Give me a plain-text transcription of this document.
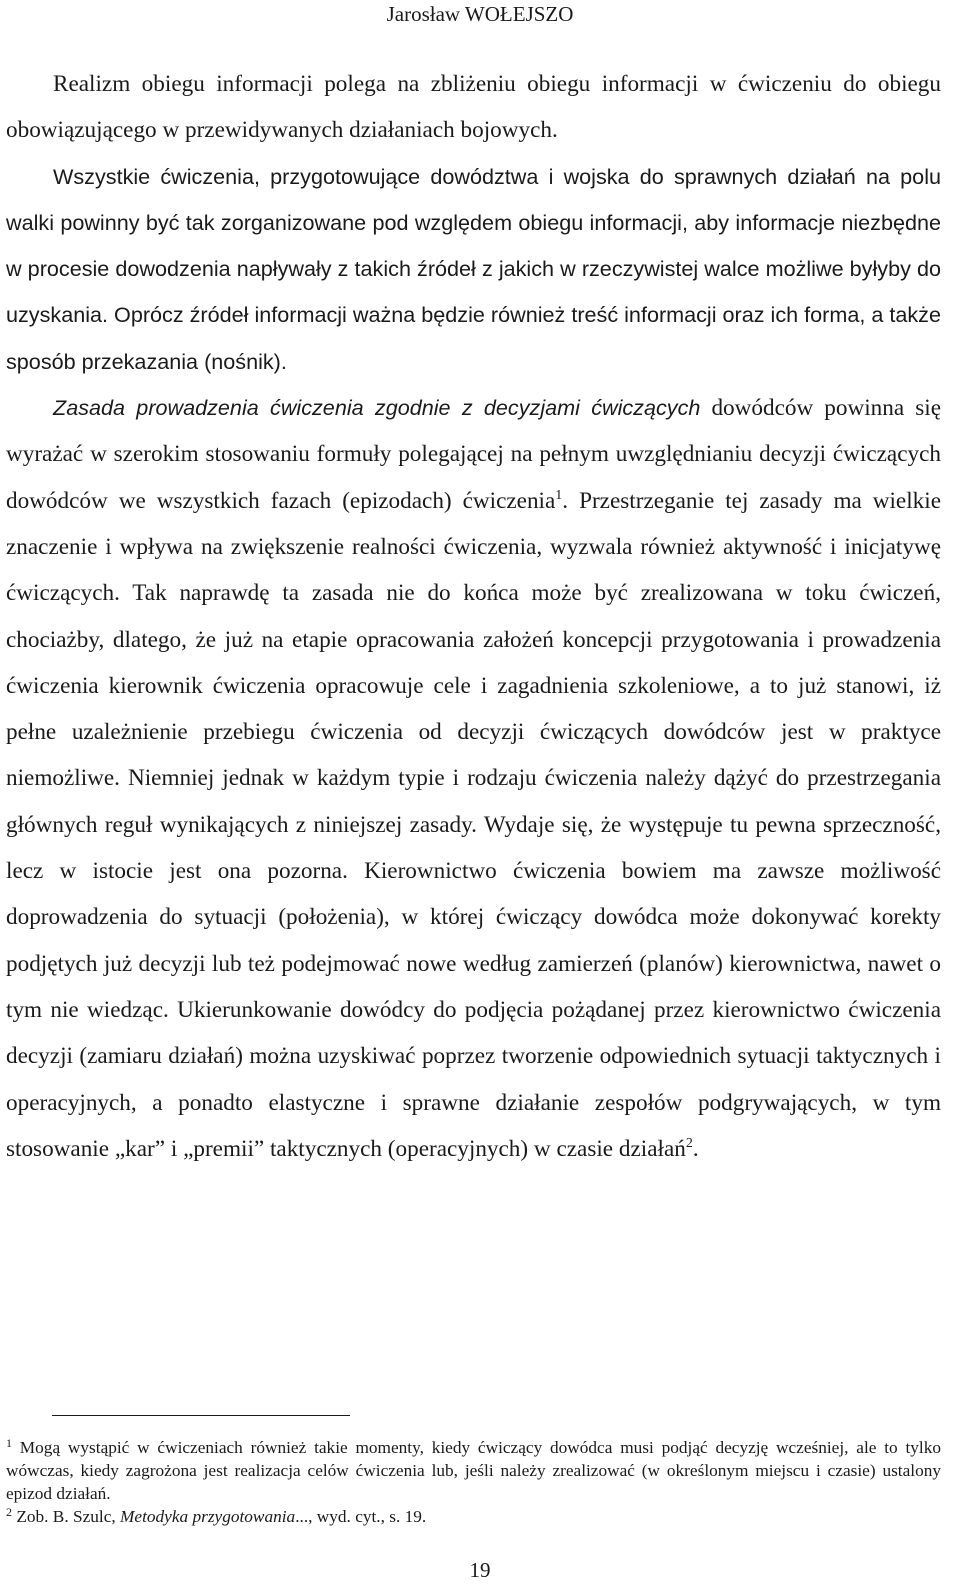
Jarosław WOŁEJSZO

Realizm obiegu informacji polega na zbliżeniu obiegu informacji w ćwiczeniu do obiegu obowiązującego w przewidywanych działaniach bojowych.

Wszystkie ćwiczenia, przygotowujące dowództwa i wojska do sprawnych działań na polu walki powinny być tak zorganizowane pod względem obiegu informacji, aby informacje niezbędne w procesie dowodzenia napływały z takich źródeł z jakich w rzeczywistej walce możliwe byłyby do uzyskania. Oprócz źródeł informacji ważna będzie również treść informacji oraz ich forma, a także sposób przekazania (nośnik).

Zasada prowadzenia ćwiczenia zgodnie z decyzjami ćwiczących dowódców powinna się wyrażać w szerokim stosowaniu formuły polegającej na pełnym uwzględnianiu decyzji ćwiczących dowódców we wszystkich fazach (epizodach) ćwiczenia$^1$. Przestrzeganie tej zasady ma wielkie znaczenie i wpływa na zwiększenie realności ćwiczenia, wyzwala również aktywność i inicjatywę ćwiczących. Tak naprawdę ta zasada nie do końca może być zrealizowana w toku ćwiczeń, chociażby, dlatego, że już na etapie opracowania założeń koncepcji przygotowania i prowadzenia ćwiczenia kierownik ćwiczenia opracowuje cele i zagadnienia szkoleniowe, a to już stanowi, iż pełne uzależnienie przebiegu ćwiczenia od decyzji ćwiczących dowódców jest w praktyce niemożliwe. Niemniej jednak w każdym typie i rodzaju ćwiczenia należy dążyć do przestrzegania głównych reguł wynikających z niniejszej zasady. Wydaje się, że występuje tu pewna sprzeczność, lecz w istocie jest ona pozorna. Kierownictwo ćwiczenia bowiem ma zawsze możliwość doprowadzenia do sytuacji (położenia), w której ćwiczący dowódca może dokonywać korekty podjętych już decyzji lub też podejmować nowe według zamierzeń (planów) kierownictwa, nawet o tym nie wiedząc. Ukierunkowanie dowódcy do podjęcia pożądanej przez kierownictwo ćwiczenia decyzji (zamiaru działań) można uzyskiwać poprzez tworzenie odpowiednich sytuacji taktycznych i operacyjnych, a ponadto elastyczne i sprawne działanie zespołów podgrywających, w tym stosowanie „kar” i „premii” taktycznych (operacyjnych) w czasie działań$^2$.

$^1$ Mogą wystąpić w ćwiczeniach również takie momenty, kiedy ćwiczący dowódca musi podjąć decyzję wcześniej, ale to tylko wówczas, kiedy zagrożona jest realizacja celów ćwiczenia lub, jeśli należy zrealizować (w określonym miejscu i czasie) ustalony epizod działań.

$^2$ Zob. B. Szulc, Metodyka przygotowania..., wyd. cyt., s. 19.

19
